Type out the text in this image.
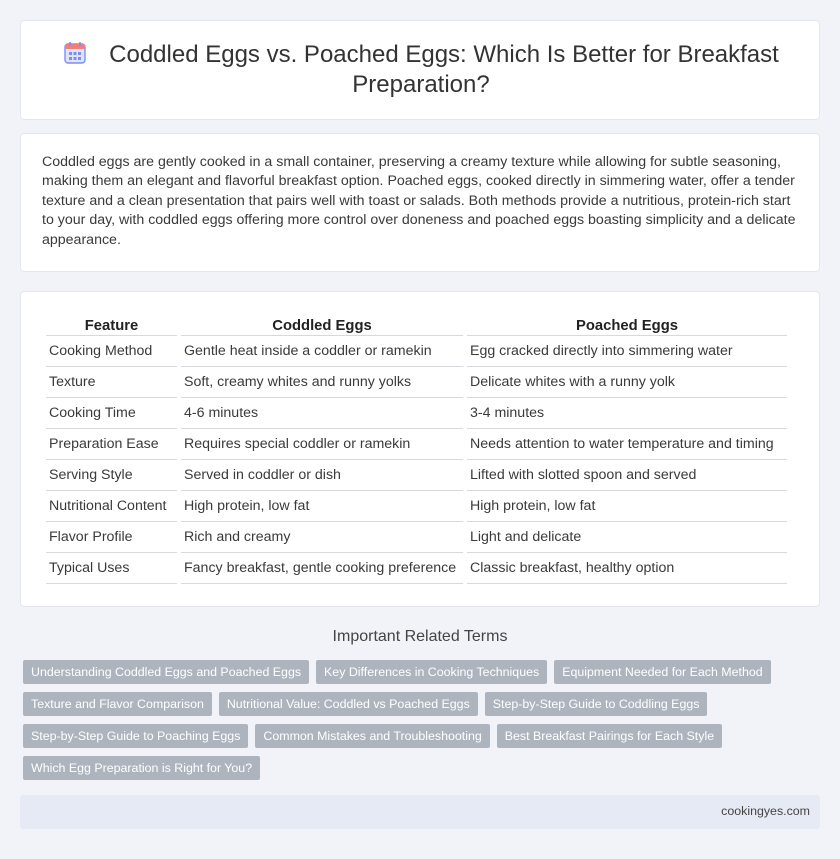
Coddled Eggs vs. Poached Eggs: Which Is Better for Breakfast Preparation?

Coddled eggs are gently cooked in a small container, preserving a creamy texture while allowing for subtle seasoning, making them an elegant and flavorful breakfast option. Poached eggs, cooked directly in simmering water, offer a tender texture and a clean presentation that pairs well with toast or salads. Both methods provide a nutritious, protein-rich start to your day, with coddled eggs offering more control over doneness and poached eggs boasting simplicity and a delicate appearance.

Feature	Coddled Eggs	Poached Eggs
Cooking Method	Gentle heat inside a coddler or ramekin	Egg cracked directly into simmering water
Texture	Soft, creamy whites and runny yolks	Delicate whites with a runny yolk
Cooking Time	4-6 minutes	3-4 minutes
Preparation Ease	Requires special coddler or ramekin	Needs attention to water temperature and timing
Serving Style	Served in coddler or dish	Lifted with slotted spoon and served
Nutritional Content	High protein, low fat	High protein, low fat
Flavor Profile	Rich and creamy	Light and delicate
Typical Uses	Fancy breakfast, gentle cooking preference	Classic breakfast, healthy option
Important Related Terms
Understanding Coddled Eggs and Poached Eggs	Key Differences in Cooking Techniques	Equipment Needed for Each Method
Texture and Flavor Comparison	Nutritional Value: Coddled vs Poached Eggs	Step-by-Step Guide to Coddling Eggs
Step-by-Step Guide to Poaching Eggs	Common Mistakes and Troubleshooting	Best Breakfast Pairings for Each Style
Which Egg Preparation is Right for You?
cookingyes.com
